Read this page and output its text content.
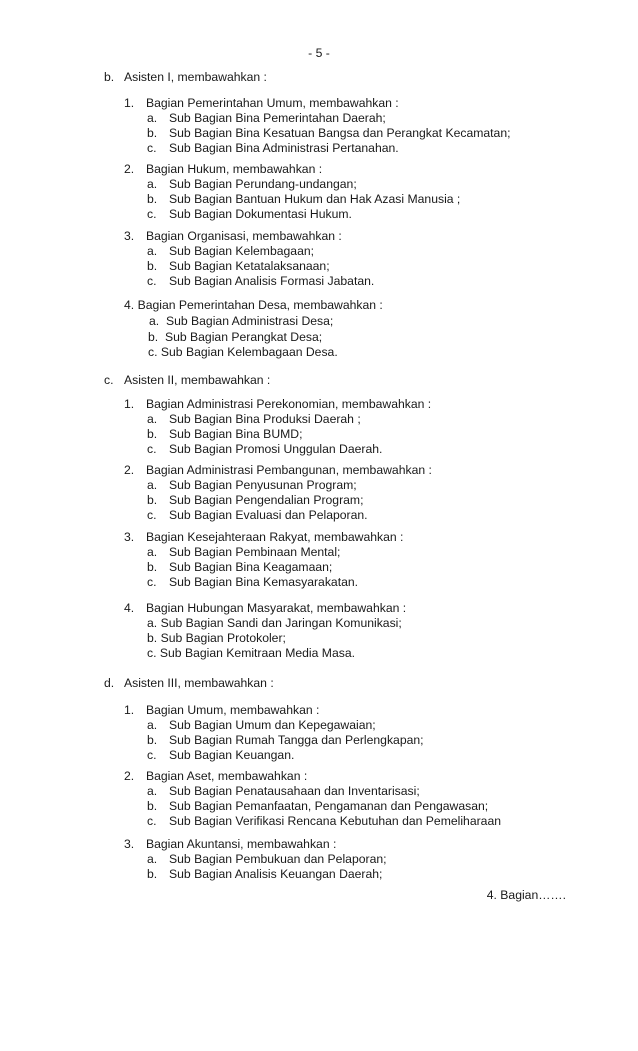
- 5 -
b. Asisten I, membawahkan :
1. Bagian Pemerintahan Umum, membawahkan :
a. Sub Bagian Bina Pemerintahan Daerah;
b. Sub Bagian Bina Kesatuan Bangsa dan Perangkat Kecamatan;
c. Sub Bagian Bina Administrasi Pertanahan.
2. Bagian Hukum, membawahkan :
a. Sub Bagian Perundang-undangan;
b. Sub Bagian Bantuan Hukum dan Hak Azasi Manusia ;
c. Sub Bagian Dokumentasi Hukum.
3. Bagian Organisasi, membawahkan :
a. Sub Bagian Kelembagaan;
b. Sub Bagian Ketatalaksanaan;
c. Sub Bagian Analisis Formasi Jabatan.
4. Bagian Pemerintahan Desa, membawahkan :
a. Sub Bagian Administrasi Desa;
b. Sub Bagian Perangkat Desa;
c. Sub Bagian Kelembagaan Desa.
c. Asisten II, membawahkan :
1. Bagian Administrasi Perekonomian, membawahkan :
a. Sub Bagian Bina Produksi Daerah ;
b. Sub Bagian Bina BUMD;
c. Sub Bagian Promosi Unggulan Daerah.
2. Bagian Administrasi Pembangunan, membawahkan :
a. Sub Bagian Penyusunan Program;
b. Sub Bagian Pengendalian Program;
c. Sub Bagian Evaluasi dan Pelaporan.
3. Bagian Kesejahteraan Rakyat, membawahkan :
a. Sub Bagian Pembinaan Mental;
b. Sub Bagian Bina Keagamaan;
c. Sub Bagian Bina Kemasyarakatan.
4. Bagian Hubungan Masyarakat, membawahkan :
a. Sub Bagian Sandi dan Jaringan Komunikasi;
b. Sub Bagian Protokoler;
c. Sub Bagian Kemitraan Media Masa.
d. Asisten III, membawahkan :
1. Bagian Umum, membawahkan :
a. Sub Bagian Umum dan Kepegawaian;
b. Sub Bagian Rumah Tangga dan Perlengkapan;
c. Sub Bagian Keuangan.
2. Bagian Aset, membawahkan :
a. Sub Bagian Penatausahaan dan Inventarisasi;
b. Sub Bagian Pemanfaatan, Pengamanan dan Pengawasan;
c. Sub Bagian Verifikasi Rencana Kebutuhan dan Pemeliharaan
3. Bagian Akuntansi, membawahkan :
a. Sub Bagian Pembukuan dan Pelaporan;
b. Sub Bagian Analisis Keuangan Daerah;
4. Bagian…….
